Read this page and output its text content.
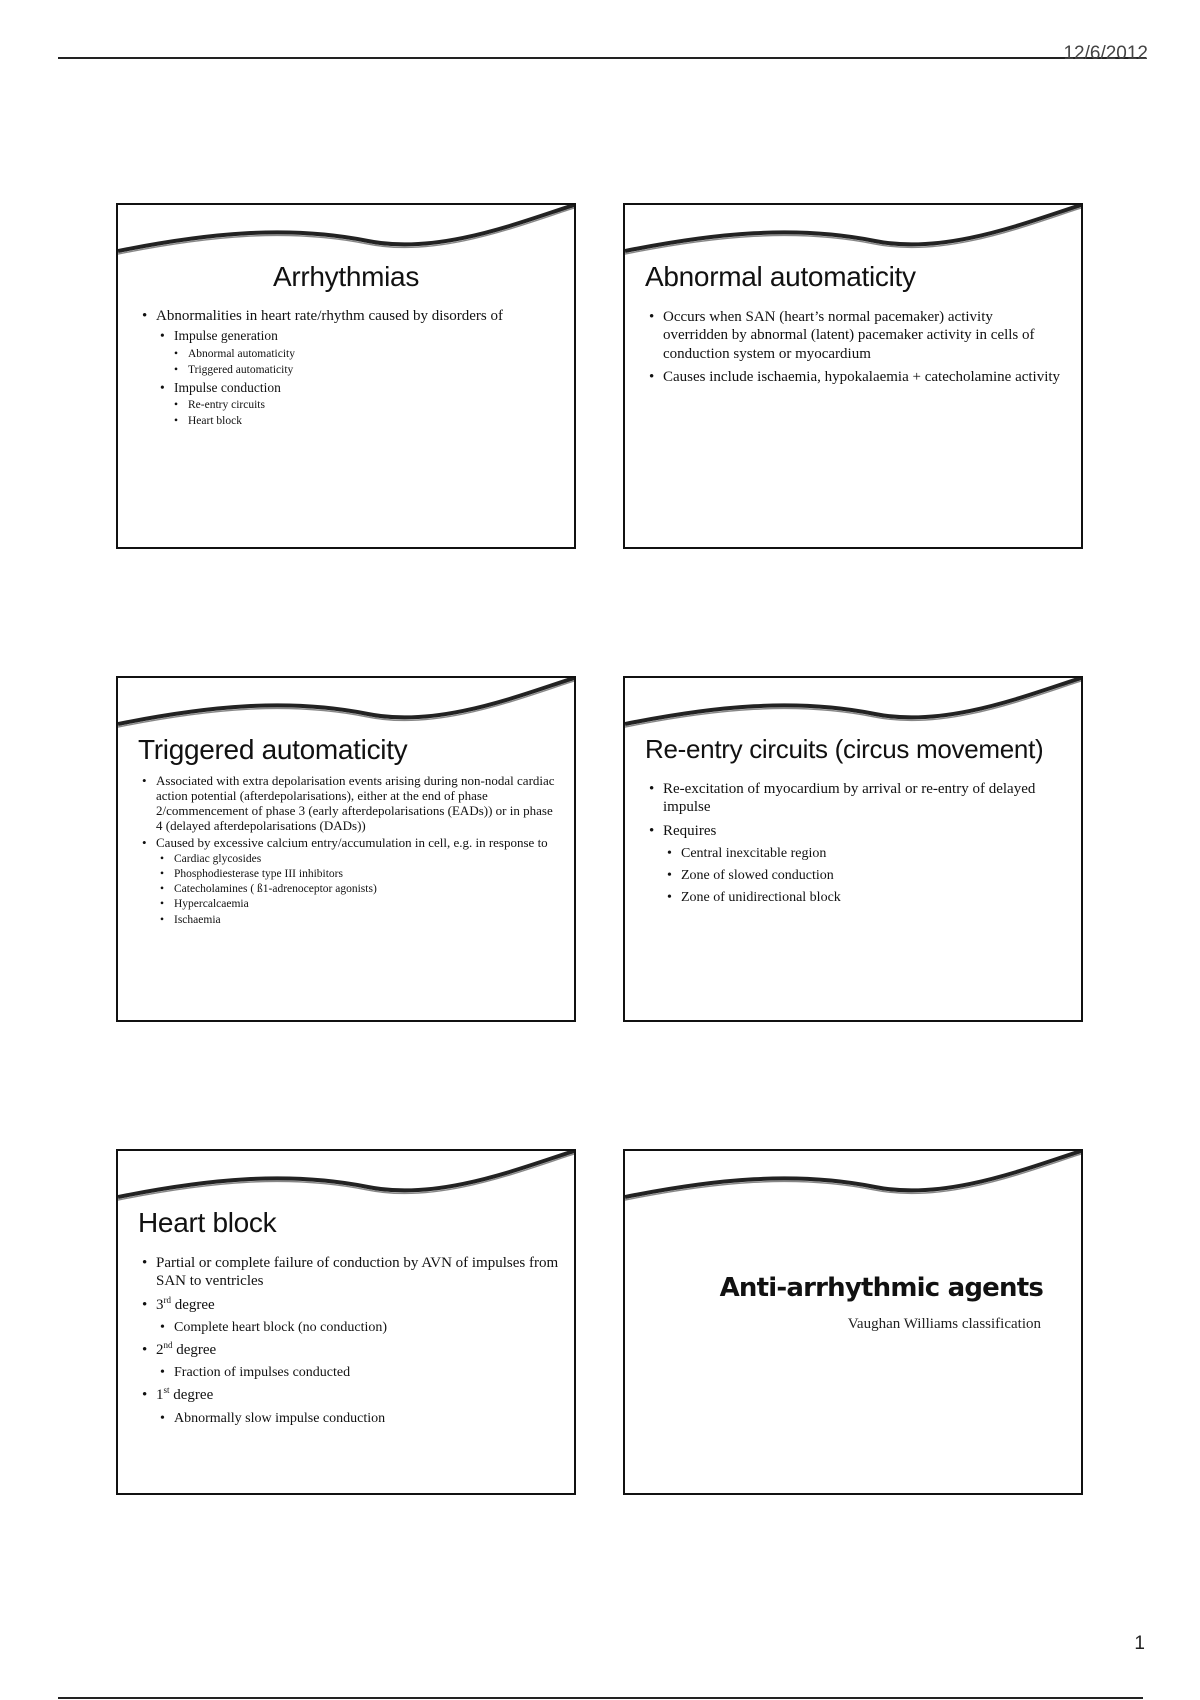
12/6/2012
Arrhythmias
• Abnormalities in heart rate/rhythm caused by disorders of
• Impulse generation
• Abnormal automaticity
• Triggered automaticity
• Impulse conduction
• Re-entry circuits
• Heart block
Abnormal automaticity
• Occurs when SAN (heart’s normal pacemaker) activity overridden by abnormal (latent) pacemaker activity in cells of conduction system or myocardium
• Causes include ischaemia, hypokalaemia + catecholamine activity
Triggered automaticity
• Associated with extra depolarisation events arising during non-nodal cardiac action potential (afterdepolarisations), either at the end of phase 2/commencement of phase 3 (early afterdepolarisations (EADs)) or in phase 4 (delayed afterdepolarisations (DADs))
• Caused by excessive calcium entry/accumulation in cell, e.g. in response to
• Cardiac glycosides
• Phosphodiesterase type III inhibitors
• Catecholamines ( ß1-adrenoceptor agonists)
• Hypercalcaemia
• Ischaemia
Re-entry circuits (circus movement)
• Re-excitation of myocardium by arrival or re-entry of delayed impulse
• Requires
• Central inexcitable region
• Zone of slowed conduction
• Zone of unidirectional block
Heart block
• Partial or complete failure of conduction by AVN of impulses from SAN to ventricles
• 3rd degree
• Complete heart block (no conduction)
• 2nd degree
• Fraction of impulses conducted
• 1st degree
• Abnormally slow impulse conduction
Anti-arrhythmic agents
Vaughan Williams classification
1
